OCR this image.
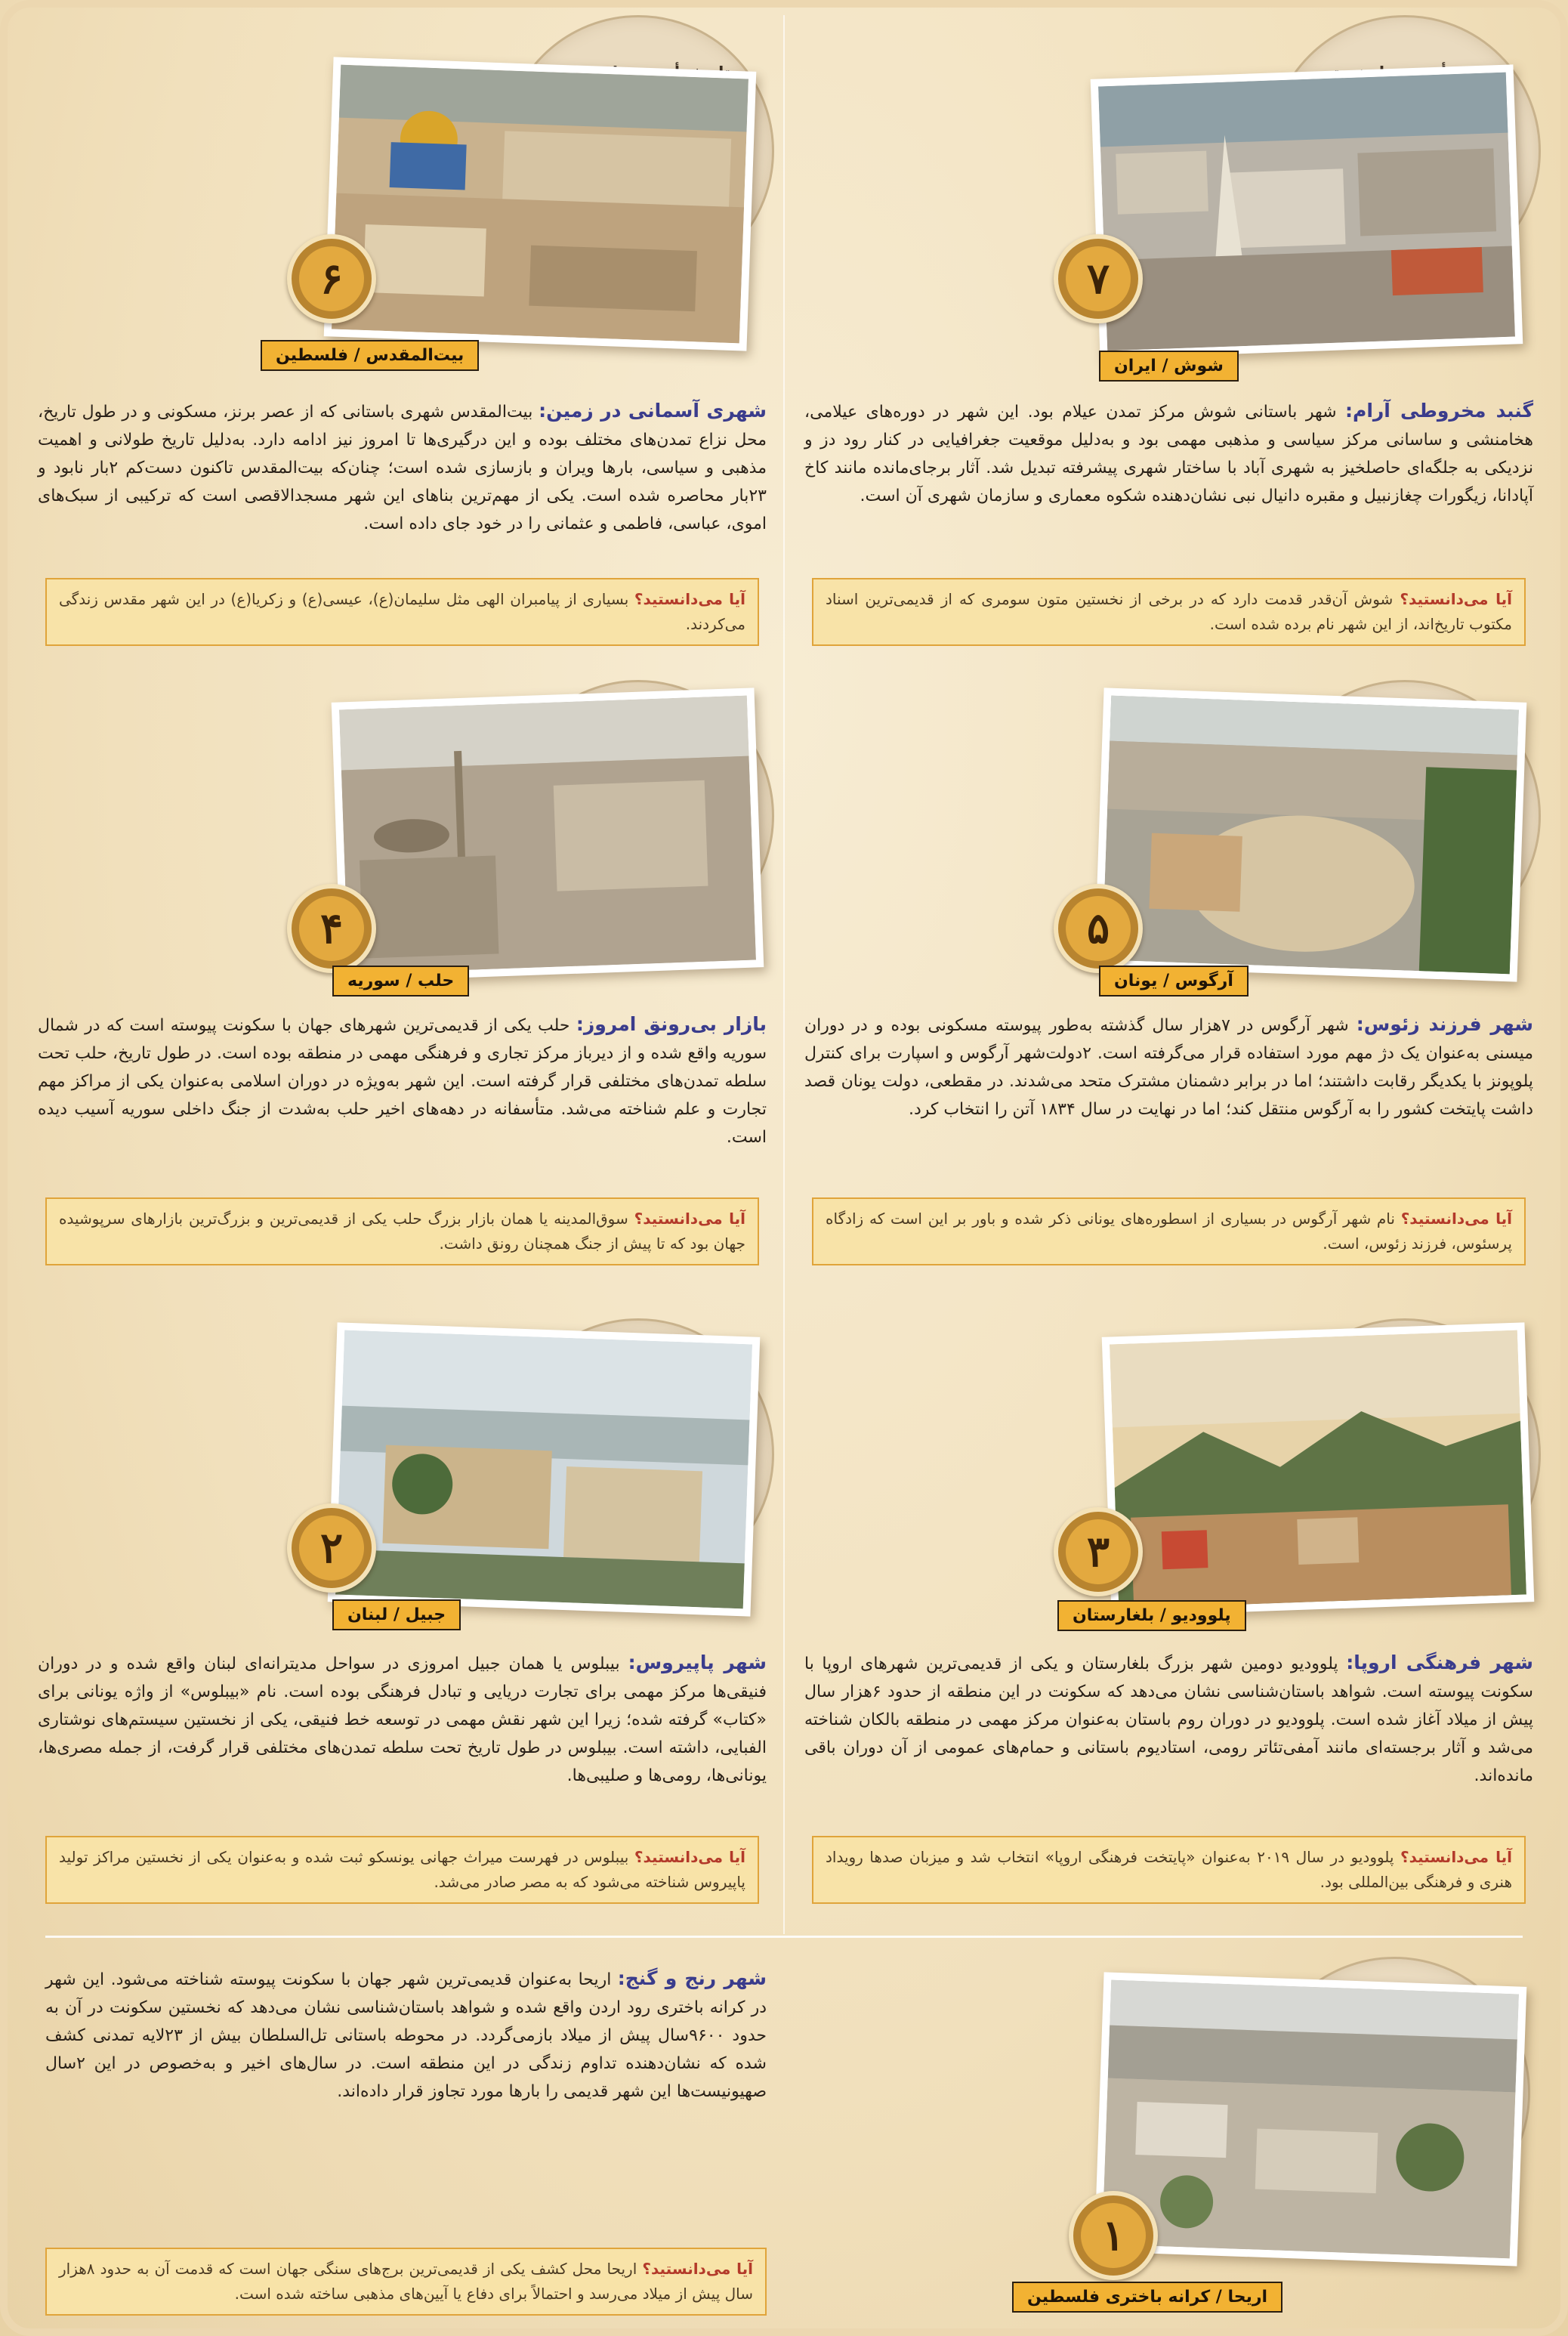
۷
شوش / ایران
گنبد مخروطی آرام: شهر باستانی شوش مرکز تمدن عیلام بود. این شهر در دوره‌های عیلامی، هخامنشی و ساسانی مرکز سیاسی و مذهبی مهمی بود و به‌دلیل موقعیت جغرافیایی در کنار رود دز و نزدیکی به جلگه‌ای حاصلخیز به شهری آباد با ساختار شهری پیشرفته تبدیل شد. آثار برجای‌مانده مانند کاخ آپادانا، زیگورات چغازنبیل و مقبره دانیال نبی نشان‌دهنده شکوه معماری و سازمان شهری آن است.
آیا می‌دانستید؟ شوش آن‌قدر قدمت دارد که در برخی از نخستین متون سومری که از قدیمی‌ترین اسناد مکتوب تاریخ‌اند، از این شهر نام برده شده است.
۶
بیت‌المقدس / فلسطین
شهری آسمانی در زمین: بیت‌المقدس شهری باستانی که از عصر برنز، مسکونی و در طول تاریخ، محل نزاع تمدن‌های مختلف بوده و این درگیری‌ها تا امروز نیز ادامه دارد. به‌دلیل تاریخ طولانی و اهمیت مذهبی و سیاسی، بارها ویران و بازسازی شده است؛ چنان‌که بیت‌المقدس تاکنون دست‌کم ۲بار نابود و ۲۳بار محاصره شده است. یکی از مهم‌ترین بناهای این شهر مسجدالاقصی است که ترکیبی از سبک‌های اموی، عباسی، فاطمی و عثمانی را در خود جای داده است.
آیا می‌دانستید؟ بسیاری از پیامبران الهی مثل سلیمان(ع)، عیسی(ع) و زکریا(ع) در این شهر مقدس زندگی می‌کردند.
۵
آرگوس / یونان
شهر فرزند زئوس: شهر آرگوس در ۷هزار سال گذشته به‌طور پیوسته مسکونی بوده و در دوران میسنی به‌عنوان یک دژ مهم مورد استفاده قرار می‌گرفته است. ۲دولت‌شهر آرگوس و اسپارت برای کنترل پلوپونز با یکدیگر رقابت داشتند؛ اما در برابر دشمنان مشترک متحد می‌شدند. در مقطعی، دولت یونان قصد داشت پایتخت کشور را به آرگوس منتقل کند؛ اما در نهایت در سال ۱۸۳۴ آتن را انتخاب کرد.
آیا می‌دانستید؟ نام شهر آرگوس در بسیاری از اسطوره‌های یونانی ذکر شده و باور بر این است که زادگاه پرسئوس، فرزند زئوس، است.
۴
حلب / سوریه
بازار بی‌رونق امروز: حلب یکی از قدیمی‌ترین شهرهای جهان با سکونت پیوسته است که در شمال سوریه واقع شده و از دیرباز مرکز تجاری و فرهنگی مهمی در منطقه بوده است. در طول تاریخ، حلب تحت سلطه تمدن‌های مختلفی قرار گرفته است. این شهر به‌ویژه در دوران اسلامی به‌عنوان یکی از مراکز مهم تجارت و علم شناخته می‌شد. متأسفانه در دهه‌های اخیر حلب به‌شدت از جنگ داخلی سوریه آسیب دیده است.
آیا می‌دانستید؟ سوق‌المدینه یا همان بازار بزرگ حلب یکی از قدیمی‌ترین و بزرگ‌ترین بازارهای سرپوشیده جهان بود که تا پیش از جنگ همچنان رونق داشت.
۳
پلوودیو / بلغارستان
شهر فرهنگی اروپا: پلوودیو دومین شهر بزرگ بلغارستان و یکی از قدیمی‌ترین شهرهای اروپا با سکونت پیوسته است. شواهد باستان‌شناسی نشان می‌دهد که سکونت در این منطقه از حدود ۶هزار سال پیش از میلاد آغاز شده است. پلوودیو در دوران روم باستان به‌عنوان مرکز مهمی در منطقه بالکان شناخته می‌شد و آثار برجسته‌ای مانند آمفی‌تئاتر رومی، استادیوم باستانی و حمام‌های عمومی از آن دوران باقی مانده‌اند.
آیا می‌دانستید؟ پلوودیو در سال ۲۰۱۹ به‌عنوان «پایتخت فرهنگی اروپا» انتخاب شد و میزبان صدها رویداد هنری و فرهنگی بین‌المللی بود.
۲
جبیل / لبنان
شهر پاپیروس: بیبلوس یا همان جبیل امروزی در سواحل مدیترانه‌ای لبنان واقع شده و در دوران فنیقی‌ها مرکز مهمی برای تجارت دریایی و تبادل فرهنگی بوده است. نام «بیبلوس» از واژه یونانی برای «کتاب» گرفته شده؛ زیرا این شهر نقش مهمی در توسعه خط فنیقی، یکی از نخستین سیستم‌های نوشتاری الفبایی، داشته است. بیبلوس در طول تاریخ تحت سلطه تمدن‌های مختلفی قرار گرفت، از جمله مصری‌ها، یونانی‌ها، رومی‌ها و صلیبی‌ها.
آیا می‌دانستید؟ بیبلوس در فهرست میراث جهانی یونسکو ثبت شده و به‌عنوان یکی از نخستین مراکز تولید پاپیروس شناخته می‌شود که به مصر صادر می‌شد.
۱
اریحا / کرانه باختری فلسطین
شهر رنج و گنج: اریحا به‌عنوان قدیمی‌ترین شهر جهان با سکونت پیوسته شناخته می‌شود. این شهر در کرانه باختری رود اردن واقع شده و شواهد باستان‌شناسی نشان می‌دهد که نخستین سکونت در آن به حدود ۹۶۰۰سال پیش از میلاد بازمی‌گردد. در محوطه باستانی تل‌السلطان بیش از ۲۳لایه تمدنی کشف شده که نشان‌دهنده تداوم زندگی در این منطقه است. در سال‌های اخیر و به‌خصوص در این ۲سال صهیونیست‌ها این شهر قدیمی را بارها مورد تجاوز قرار داده‌اند.
آیا می‌دانستید؟ اریحا محل کشف یکی از قدیمی‌ترین برج‌های سنگی جهان است که قدمت آن به حدود ۸هزار سال پیش از میلاد می‌رسد و احتمالاً برای دفاع یا آیین‌های مذهبی ساخته شده است.
